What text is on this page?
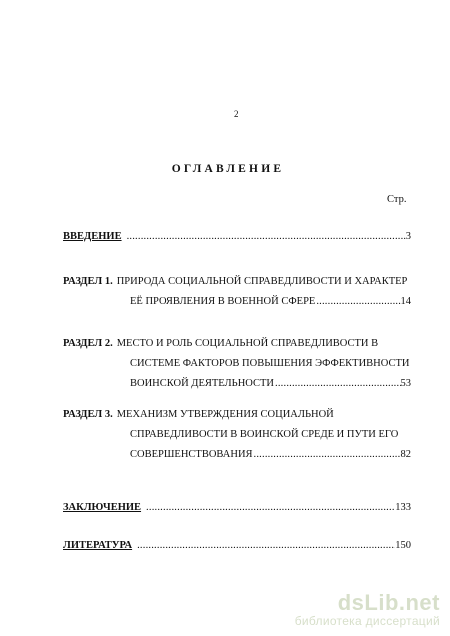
2
ОГЛАВЛЕНИЕ
Стр.
ВВЕДЕНИЕ .....	3
РАЗДЕЛ 1. ПРИРОДА СОЦИАЛЬНОЙ СПРАВЕДЛИВОСТИ И ХАРАКТЕР
ЕЁ ПРОЯВЛЕНИЯ В ВОЕННОЙ СФЕРЕ .....	14
РАЗДЕЛ 2. МЕСТО И РОЛЬ СОЦИАЛЬНОЙ СПРАВЕДЛИВОСТИ В
СИСТЕМЕ ФАКТОРОВ ПОВЫШЕНИЯ ЭФФЕКТИВНОСТИ
ВОИНСКОЙ ДЕЯТЕЛЬНОСТИ .....	53
РАЗДЕЛ 3. МЕХАНИЗМ УТВЕРЖДЕНИЯ СОЦИАЛЬНОЙ
СПРАВЕДЛИВОСТИ В ВОИНСКОЙ СРЕДЕ И ПУТИ ЕГО
СОВЕРШЕНСТВОВАНИЯ .....	82
ЗАКЛЮЧЕНИЕ .....	133
ЛИТЕРАТУРА .....	150
dsLib.net
библиотека диссертаций
